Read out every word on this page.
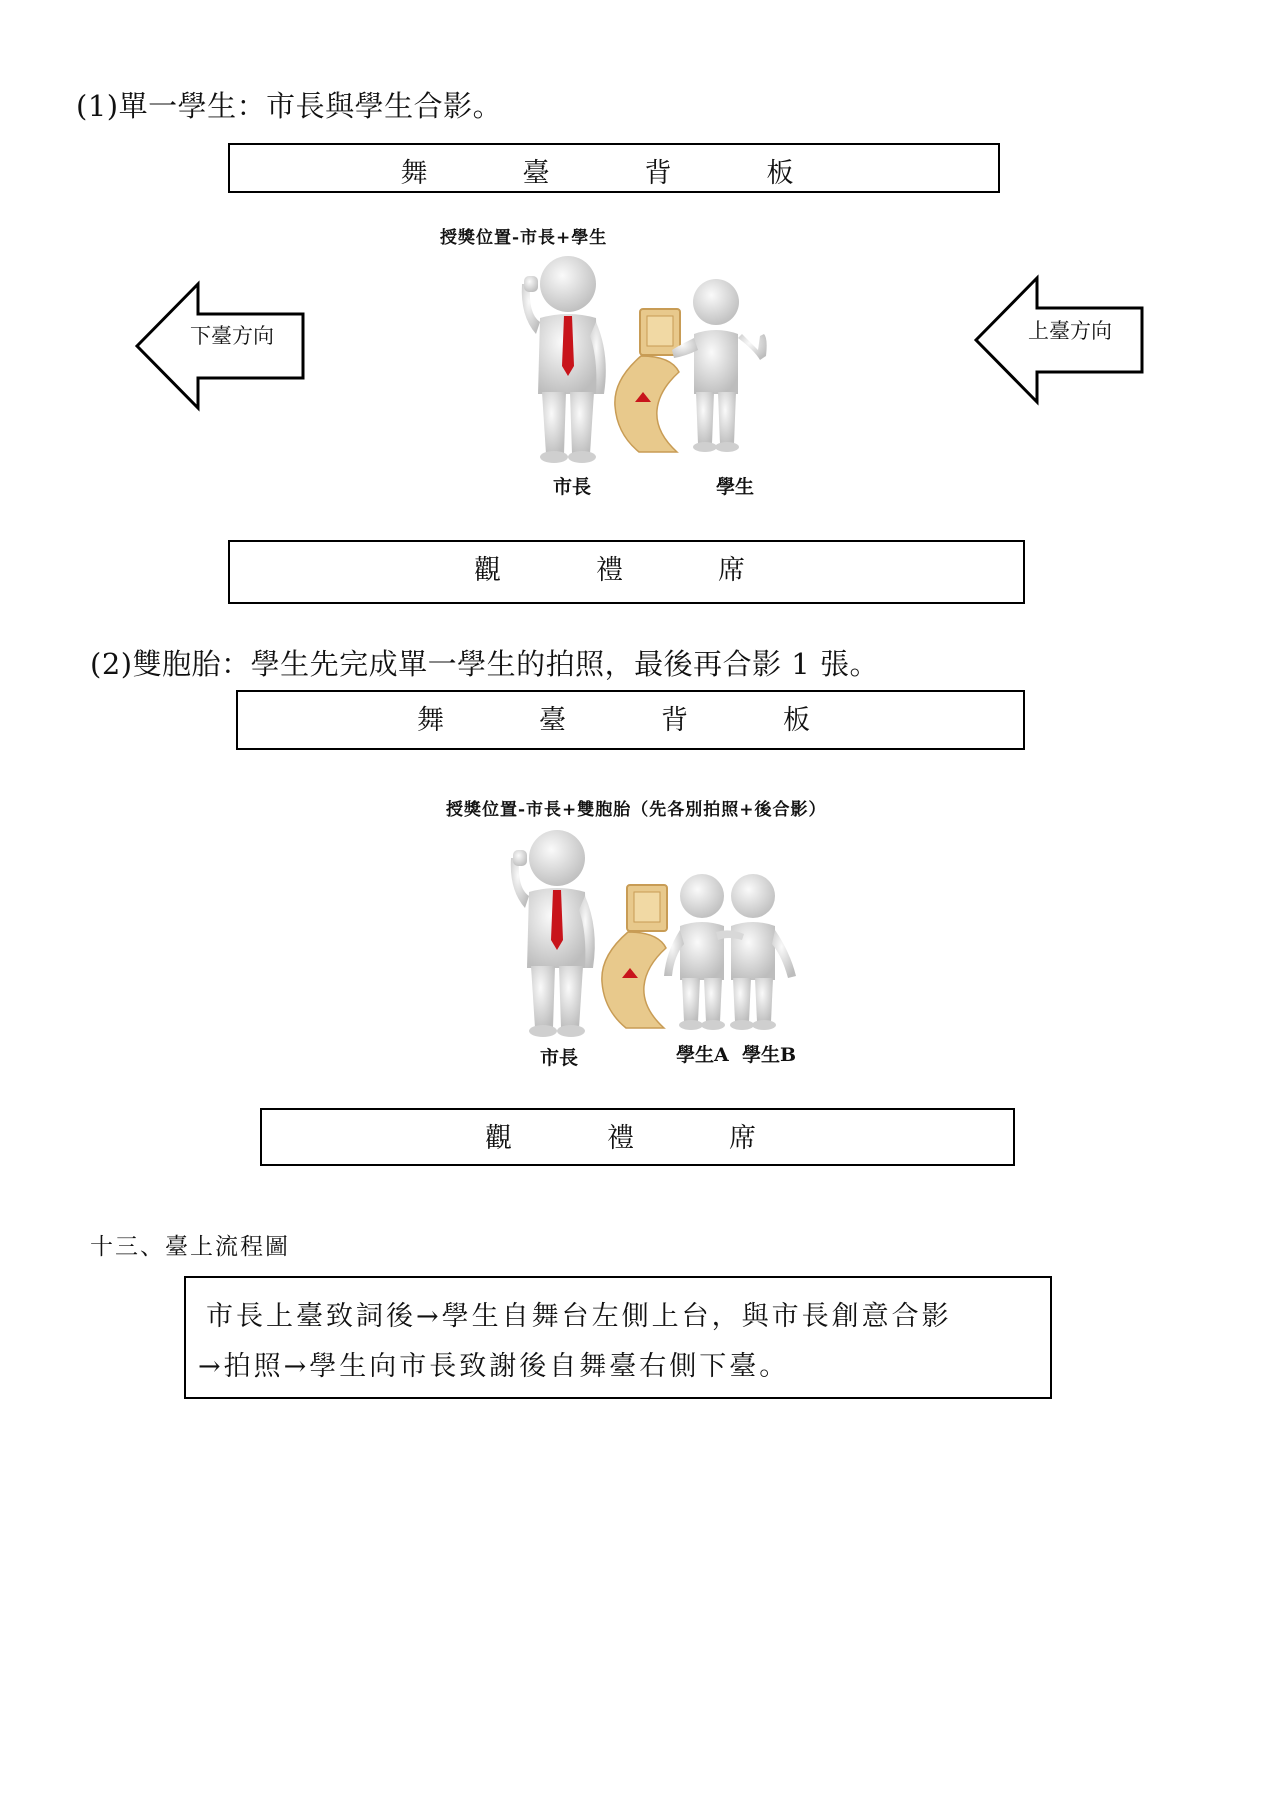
(1)單一學生：市長與學生合影。
舞　臺　背　板
授獎位置-市長+學生
下臺方向	上臺方向
市長	學生
觀　禮　席
(2)雙胞胎：學生先完成單一學生的拍照，最後再合影 1 張。
舞　臺　背　板
授獎位置-市長+雙胞胎（先各別拍照+後合影）
市長	學生A 學生B
觀　禮　席
十三、臺上流程圖
市長上臺致詞後→學生自舞台左側上台，與市長創意合影
→拍照→學生向市長致謝後自舞臺右側下臺。
